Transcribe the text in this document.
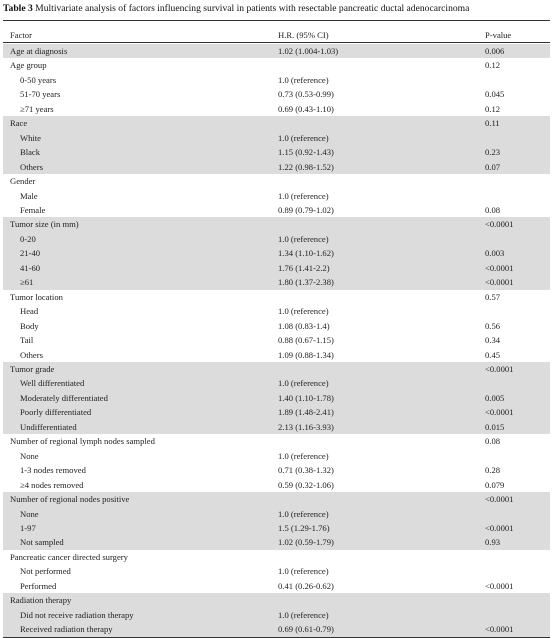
Table 3 Multivariate analysis of factors influencing survival in patients with resectable pancreatic ductal adenocarcinoma
Factor	H.R. (95% CI)	P-value
Age at diagnosis	1.02 (1.004-1.03)	0.006
Age group		0.12
0-50 years	1.0 (reference)	
51-70 years	0.73 (0.53-0.99)	0.045
≥71 years	0.69 (0.43-1.10)	0.12
Race		0.11
White	1.0 (reference)	
Black	1.15 (0.92-1.43)	0.23
Others	1.22 (0.98-1.52)	0.07
Gender		
Male	1.0 (reference)	
Female	0.89 (0.79-1.02)	0.08
Tumor size (in mm)		<0.0001
0-20	1.0 (reference)	
21-40	1.34 (1.10-1.62)	0.003
41-60	1.76 (1.41-2.2)	<0.0001
≥61	1.80 (1.37-2.38)	<0.0001
Tumor location		0.57
Head	1.0 (reference)	
Body	1.08 (0.83-1.4)	0.56
Tail	0.88 (0.67-1.15)	0.34
Others	1.09 (0.88-1.34)	0.45
Tumor grade		<0.0001
Well differentiated	1.0 (reference)	
Moderately differentiated	1.40 (1.10-1.78)	0.005
Poorly differentiated	1.89 (1.48-2.41)	<0.0001
Undifferentiated	2.13 (1.16-3.93)	0.015
Number of regional lymph nodes sampled		0.08
None	1.0 (reference)	
1-3 nodes removed	0.71 (0.38-1.32)	0.28
≥4 nodes removed	0.59 (0.32-1.06)	0.079
Number of regional nodes positive		<0.0001
None	1.0 (reference)	
1-97	1.5 (1.29-1.76)	<0.0001
Not sampled	1.02 (0.59-1.79)	0.93
Pancreatic cancer directed surgery		
Not performed	1.0 (reference)	
Performed	0.41 (0.26-0.62)	<0.0001
Radiation therapy		
Did not receive radiation therapy	1.0 (reference)	
Received radiation therapy	0.69 (0.61-0.79)	<0.0001
